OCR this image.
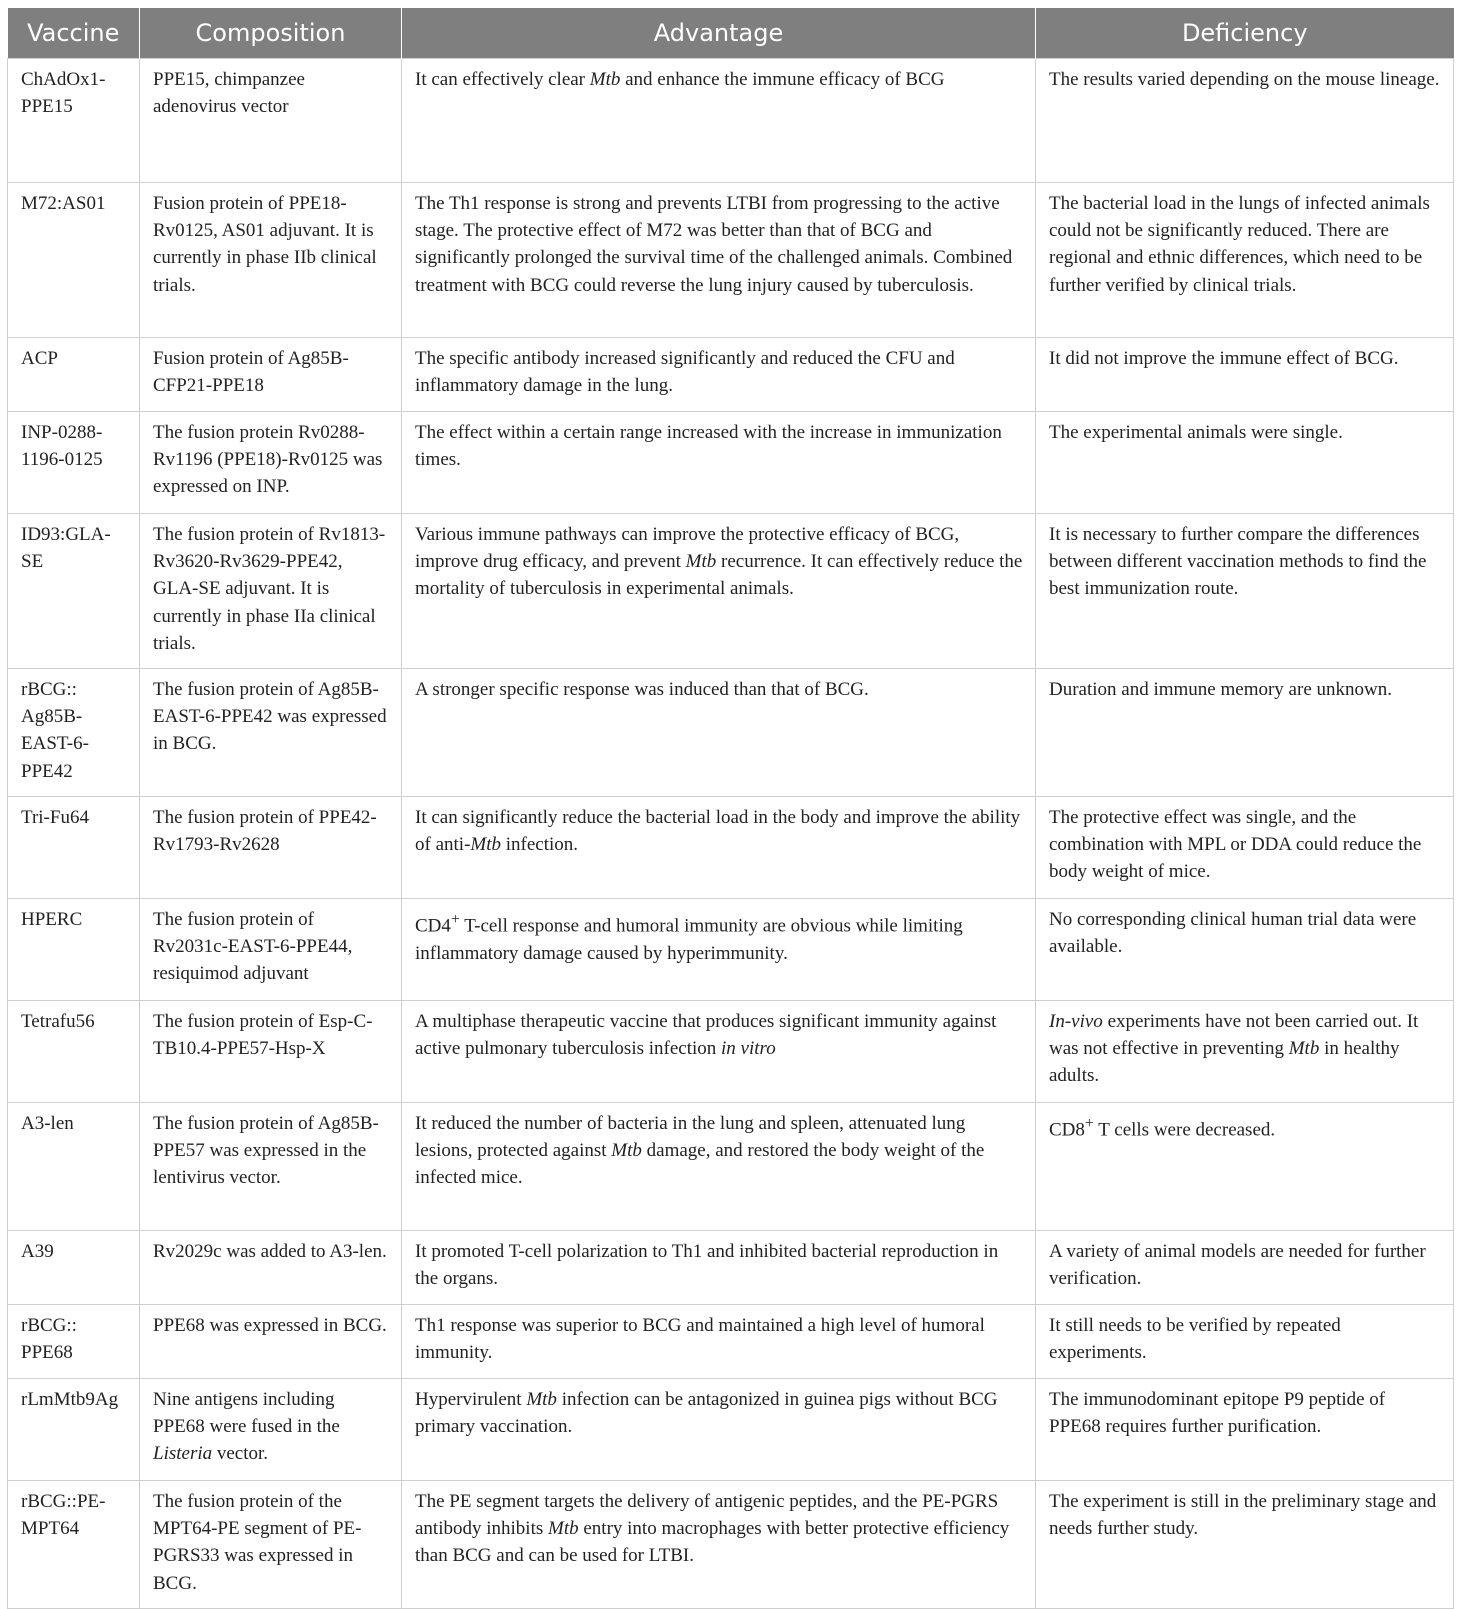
Vaccine	Composition	Advantage	Deficiency
ChAdOx1-PPE15	PPE15, chimpanzee adenovirus vector	It can effectively clear Mtb and enhance the immune efficacy of BCG	The results varied depending on the mouse lineage.
M72:AS01	Fusion protein of PPE18-Rv0125, AS01 adjuvant. It is currently in phase IIb clinical trials.	The Th1 response is strong and prevents LTBI from progressing to the active stage. The protective effect of M72 was better than that of BCG and significantly prolonged the survival time of the challenged animals. Combined treatment with BCG could reverse the lung injury caused by tuberculosis.	The bacterial load in the lungs of infected animals could not be significantly reduced. There are regional and ethnic differences, which need to be further verified by clinical trials.
ACP	Fusion protein of Ag85B-CFP21-PPE18	The specific antibody increased significantly and reduced the CFU and inflammatory damage in the lung.	It did not improve the immune effect of BCG.
INP-0288-1196-0125	The fusion protein Rv0288-Rv1196 (PPE18)-Rv0125 was expressed on INP.	The effect within a certain range increased with the increase in immunization times.	The experimental animals were single.
ID93:GLA-SE	The fusion protein of Rv1813-Rv3620-Rv3629-PPE42, GLA-SE adjuvant. It is currently in phase IIa clinical trials.	Various immune pathways can improve the protective efficacy of BCG, improve drug efficacy, and prevent Mtb recurrence. It can effectively reduce the mortality of tuberculosis in experimental animals.	It is necessary to further compare the differences between different vaccination methods to find the best immunization route.
rBCG:: Ag85B-EAST-6-PPE42	The fusion protein of Ag85B-EAST-6-PPE42 was expressed in BCG.	A stronger specific response was induced than that of BCG.	Duration and immune memory are unknown.
Tri-Fu64	The fusion protein of PPE42-Rv1793-Rv2628	It can significantly reduce the bacterial load in the body and improve the ability of anti-Mtb infection.	The protective effect was single, and the combination with MPL or DDA could reduce the body weight of mice.
HPERC	The fusion protein of Rv2031c-EAST-6-PPE44, resiquimod adjuvant	CD4+ T-cell response and humoral immunity are obvious while limiting inflammatory damage caused by hyperimmunity.	No corresponding clinical human trial data were available.
Tetrafu56	The fusion protein of Esp-C-TB10.4-PPE57-Hsp-X	A multiphase therapeutic vaccine that produces significant immunity against active pulmonary tuberculosis infection in vitro	In-vivo experiments have not been carried out. It was not effective in preventing Mtb in healthy adults.
A3-len	The fusion protein of Ag85B-PPE57 was expressed in the lentivirus vector.	It reduced the number of bacteria in the lung and spleen, attenuated lung lesions, protected against Mtb damage, and restored the body weight of the infected mice.	CD8+ T cells were decreased.
A39	Rv2029c was added to A3-len.	It promoted T-cell polarization to Th1 and inhibited bacterial reproduction in the organs.	A variety of animal models are needed for further verification.
rBCG:: PPE68	PPE68 was expressed in BCG.	Th1 response was superior to BCG and maintained a high level of humoral immunity.	It still needs to be verified by repeated experiments.
rLmMtb9Ag	Nine antigens including PPE68 were fused in the Listeria vector.	Hypervirulent Mtb infection can be antagonized in guinea pigs without BCG primary vaccination.	The immunodominant epitope P9 peptide of PPE68 requires further purification.
rBCG::PE-MPT64	The fusion protein of the MPT64-PE segment of PE-PGRS33 was expressed in BCG.	The PE segment targets the delivery of antigenic peptides, and the PE-PGRS antibody inhibits Mtb entry into macrophages with better protective efficiency than BCG and can be used for LTBI.	The experiment is still in the preliminary stage and needs further study.
